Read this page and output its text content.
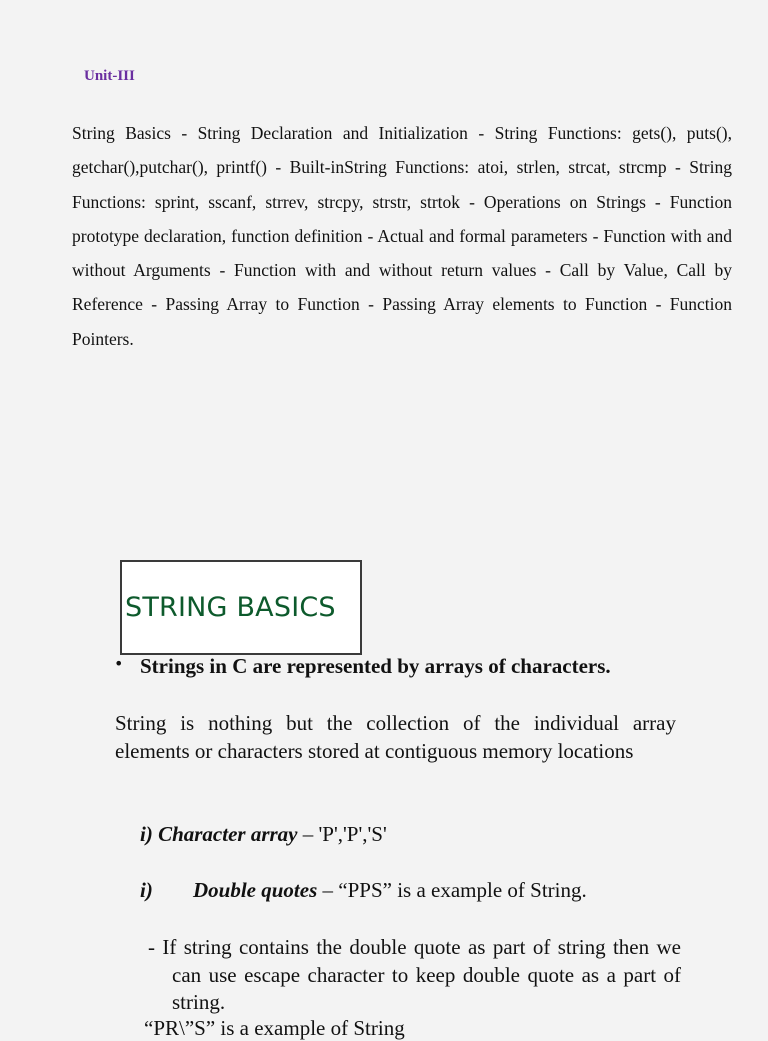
Unit-III
String Basics - String Declaration and Initialization - String Functions: gets(), puts(), getchar(),putchar(), printf() - Built-inString Functions: atoi, strlen, strcat, strcmp - String Functions: sprint, sscanf, strrev, strcpy, strstr, strtok - Operations on Strings - Function prototype declaration, function definition - Actual and formal parameters - Function with and without Arguments - Function with and without return values - Call by Value, Call by Reference - Passing Array to Function - Passing Array elements to Function - Function Pointers.
STRING BASICS
• Strings in C are represented by arrays of characters.
String is nothing but the collection of the individual array elements or characters stored at contiguous memory locations
i) Character array – 'P','P','S'
i) Double quotes – “PPS” is a example of String.
- If string contains the double quote as part of string then we can use escape character to keep double quote as a part of string.
“PR\”S” is a example of String
